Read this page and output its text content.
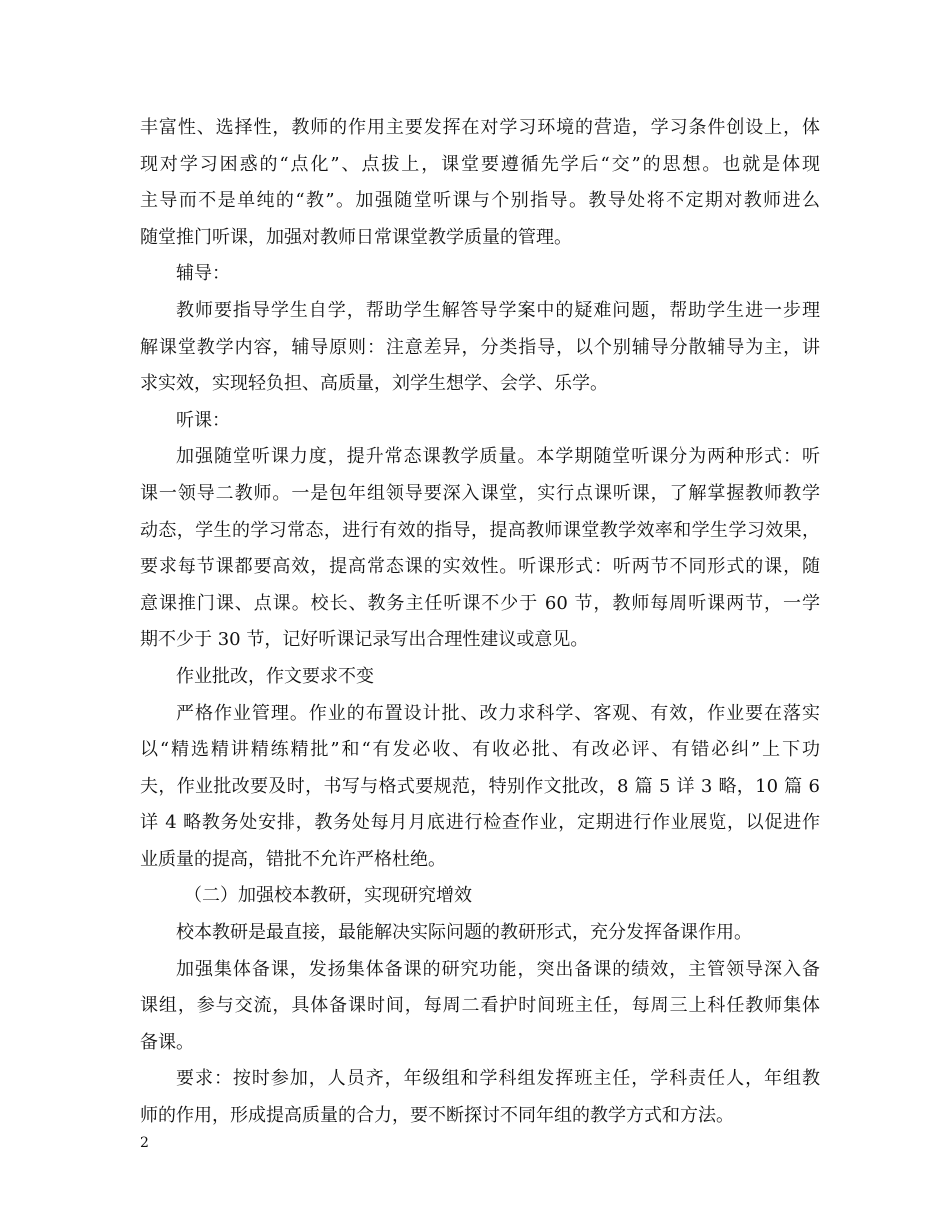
丰富性、选择性，教师的作用主要发挥在对学习环境的营造，学习条件创设上，体
现对学习困惑的“点化”、点拔上，课堂要遵循先学后“交”的思想。也就是体现
主导而不是单纯的“教”。加强随堂听课与个别指导。教导处将不定期对教师进么
随堂推门听课，加强对教师日常课堂教学质量的管理。
辅导：
教师要指导学生自学，帮助学生解答导学案中的疑难问题，帮助学生进一步理
解课堂教学内容，辅导原则：注意差异，分类指导，以个别辅导分散辅导为主，讲
求实效，实现轻负担、高质量，刘学生想学、会学、乐学。
听课：
加强随堂听课力度，提升常态课教学质量。本学期随堂听课分为两种形式：听
课一领导二教师。一是包年组领导要深入课堂，实行点课听课，了解掌握教师教学
动态，学生的学习常态，进行有效的指导，提高教师课堂教学效率和学生学习效果，
要求每节课都要高效，提高常态课的实效性。听课形式：听两节不同形式的课，随
意课推门课、点课。校长、教务主任听课不少于 60 节，教师每周听课两节，一学
期不少于 30 节，记好听课记录写出合理性建议或意见。
作业批改，作文要求不变
严格作业管理。作业的布置设计批、改力求科学、客观、有效，作业要在落实
以“精选精讲精练精批”和“有发必收、有收必批、有改必评、有错必纠”上下功
夫，作业批改要及时，书写与格式要规范，特别作文批改，8 篇 5 详 3 略，10 篇 6
详 4 略教务处安排，教务处每月月底进行检查作业，定期进行作业展览，以促进作
业质量的提高，错批不允许严格杜绝。
（二）加强校本教研，实现研究增效
校本教研是最直接，最能解决实际问题的教研形式，充分发挥备课作用。
加强集体备课，发扬集体备课的研究功能，突出备课的绩效，主管领导深入备
课组，参与交流，具体备课时间，每周二看护时间班主任，每周三上科任教师集体
备课。
要求：按时参加，人员齐，年级组和学科组发挥班主任，学科责任人，年组教
师的作用，形成提高质量的合力，要不断探讨不同年组的教学方式和方法。
2
